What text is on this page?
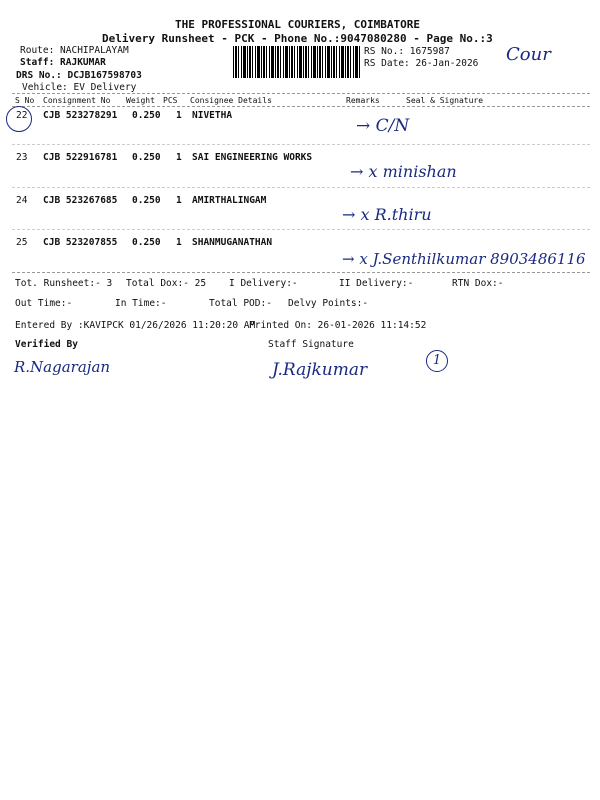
THE PROFESSIONAL COURIERS, COIMBATORE
Delivery Runsheet - PCK - Phone No.:9047080280 - Page No.:3
Route: NACHIPALAYAM
Staff: RAJKUMAR
DRS No.: DCJB167598703
Vehicle: EV Delivery
RS No.: 1675987
RS Date: 26-Jan-2026 Cour
S No Consignment No Weight PCS Consignee Details	Remarks	Seal & Signature
22 CJB 523278291 0.250 1 NIVETHA
→ C/N
23 CJB 522916781 0.250 1 SAI ENGINEERING WORKS
→ x minishan
24 CJB 523267685 0.250 1 AMIRTHALINGAM
→ x R.thiru
25 CJB 523207855 0.250 1 SHANMUGANATHAN
→ x J.Senthilkumar 8903486116
Tot. Runsheet:- 3 Total Dox:- 25 I Delivery:-	II Delivery:-	RTN Dox:-
Out Time:-	In Time:-	Total POD:- Delvy Points:-
Entered By :KAVIPCK 01/26/2026 11:20:20 AM
Printed On: 26-01-2026 11:14:52
Verified By	Staff Signature
R.Nagarajan	J.Rajkumar	1
